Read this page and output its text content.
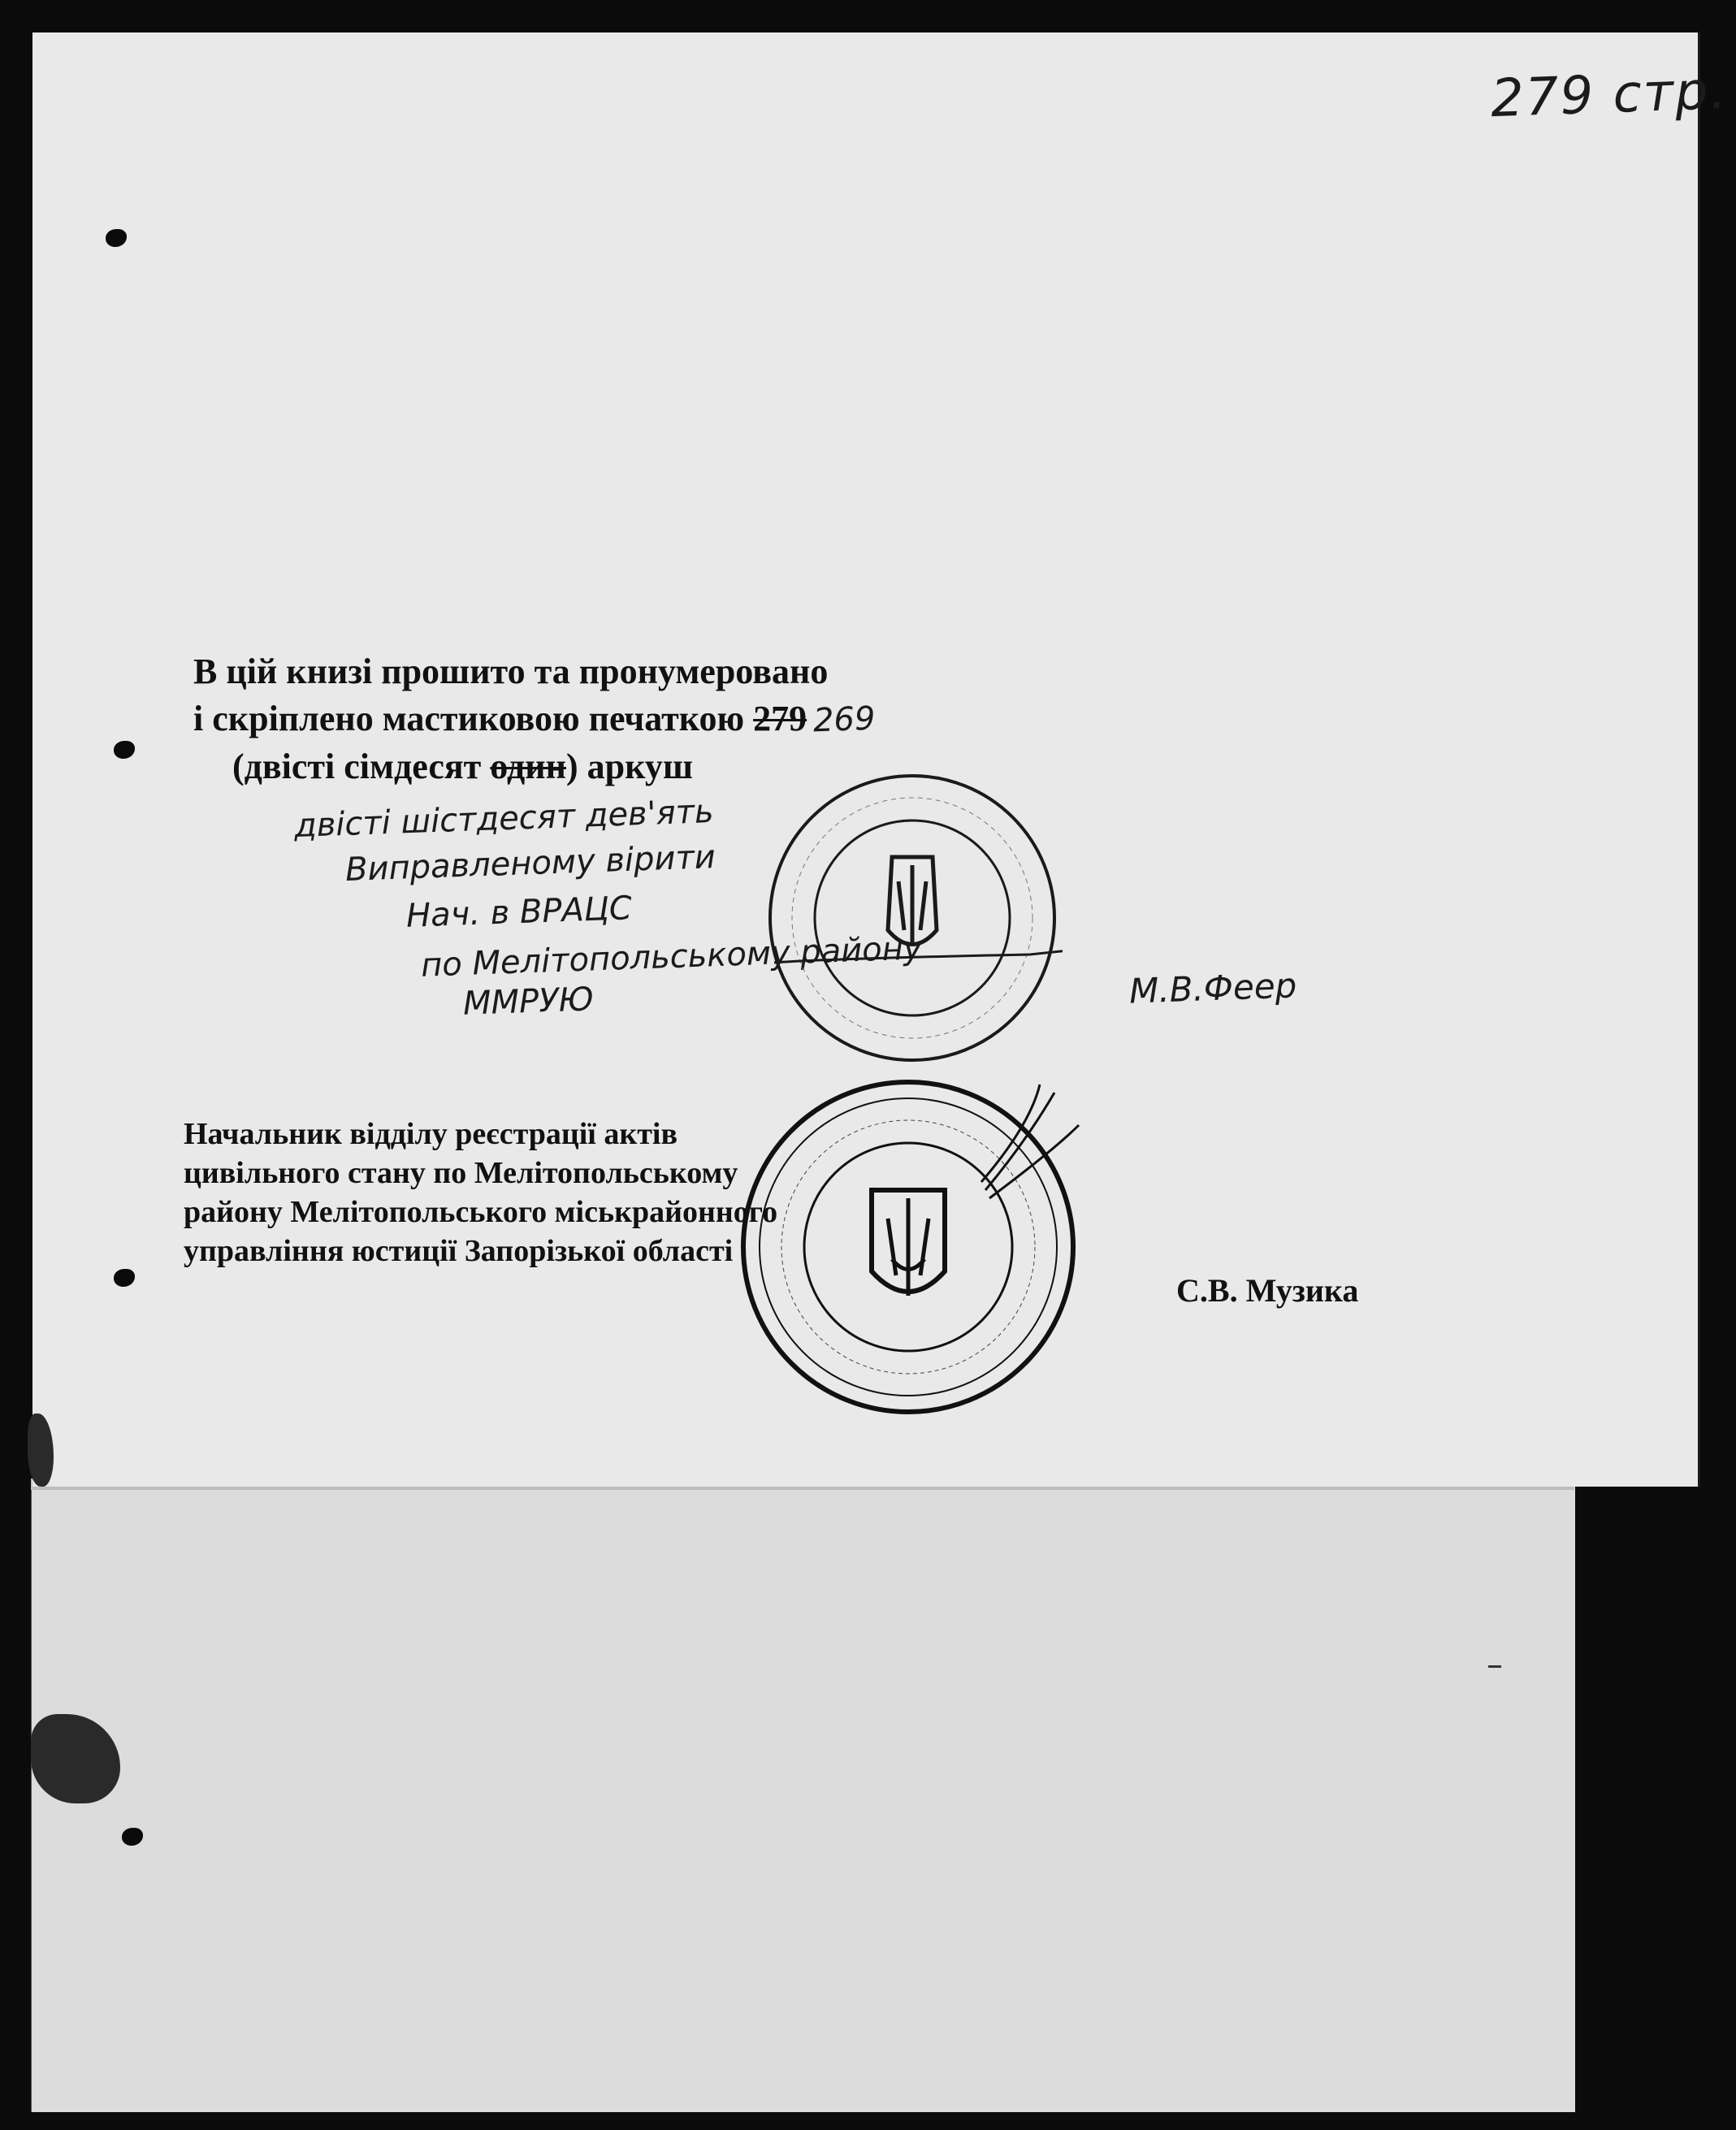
279 стр.
В цій книзі прошито та пронумеровано
і скріплено мастиковою печаткою 279 269
(двісті сімдесят один) аркуш
двісті шістдесят дев'ять
Виправленому вірити
Нач. в ВРАЦС
по Мелітопольському району
ММРУЮ	М.В.Фееp
Начальник відділу реєстрації актів
цивільного стану по Мелітопольському
району Мелітопольського міськрайонного
управління юстиції Запорізької області
С.В. Музика
